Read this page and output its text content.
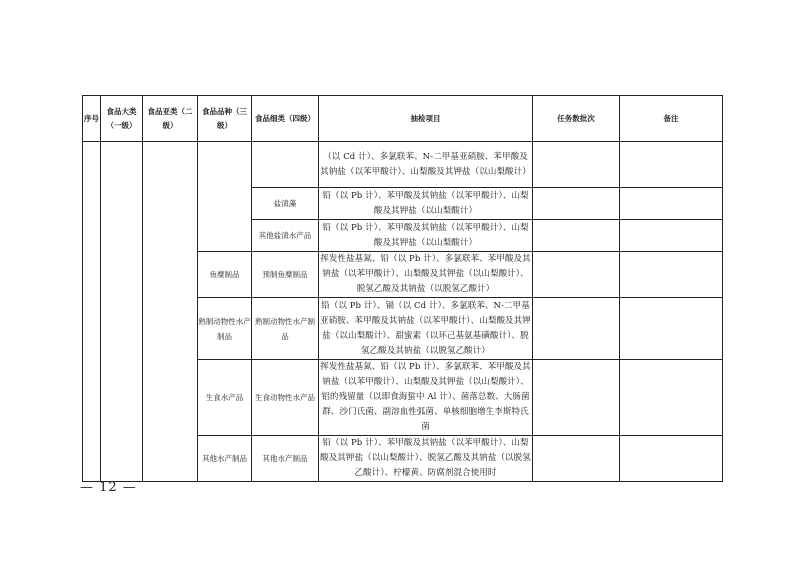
序号	食品大类（一级）	食品亚类（二级）	食品品种（三级）	食品细类（四级）	抽检项目	任务数批次	备注
					（以 Cd 计）、多氯联苯、N-二甲基亚硝胺、苯甲酸及其钠盐（以苯甲酸计）、山梨酸及其钾盐（以山梨酸计）		
				盐渍藻	铅（以 Pb 计）、苯甲酸及其钠盐（以苯甲酸计）、山梨酸及其钾盐（以山梨酸计）		
				其他盐渍水产品	铅（以 Pb 计）、苯甲酸及其钠盐（以苯甲酸计）、山梨酸及其钾盐（以山梨酸计）		
			鱼糜制品	预制鱼糜制品	挥发性盐基氮、铅（以 Pb 计）、多氯联苯、苯甲酸及其钠盐（以苯甲酸计）、山梨酸及其钾盐（以山梨酸计）、脱氢乙酸及其钠盐（以脱氢乙酸计）		
			熟制动物性水产制品	熟制动物性水产制品	铅（以 Pb 计）、镉（以 Cd 计）、多氯联苯、N-二甲基亚硝胺、苯甲酸及其钠盐（以苯甲酸计）、山梨酸及其钾盐（以山梨酸计）、甜蜜素（以环己基氨基磺酸计）、脱氢乙酸及其钠盐（以脱氢乙酸计）		
			生食水产品	生食动物性水产品	挥发性盐基氮、铅（以 Pb 计）、多氯联苯、苯甲酸及其钠盐（以苯甲酸计）、山梨酸及其钾盐（以山梨酸计）、铝的残留量（以即食海蜇中 Al 计）、菌落总数、大肠菌群、沙门氏菌、副溶血性弧菌、单核细胞增生李斯特氏菌		
			其他水产制品	其他水产制品	铅（以 Pb 计）、苯甲酸及其钠盐（以苯甲酸计）、山梨酸及其钾盐（以山梨酸计）、脱氢乙酸及其钠盐（以脱氢乙酸计）、柠檬黄、防腐剂混合使用时		
— 12 —
